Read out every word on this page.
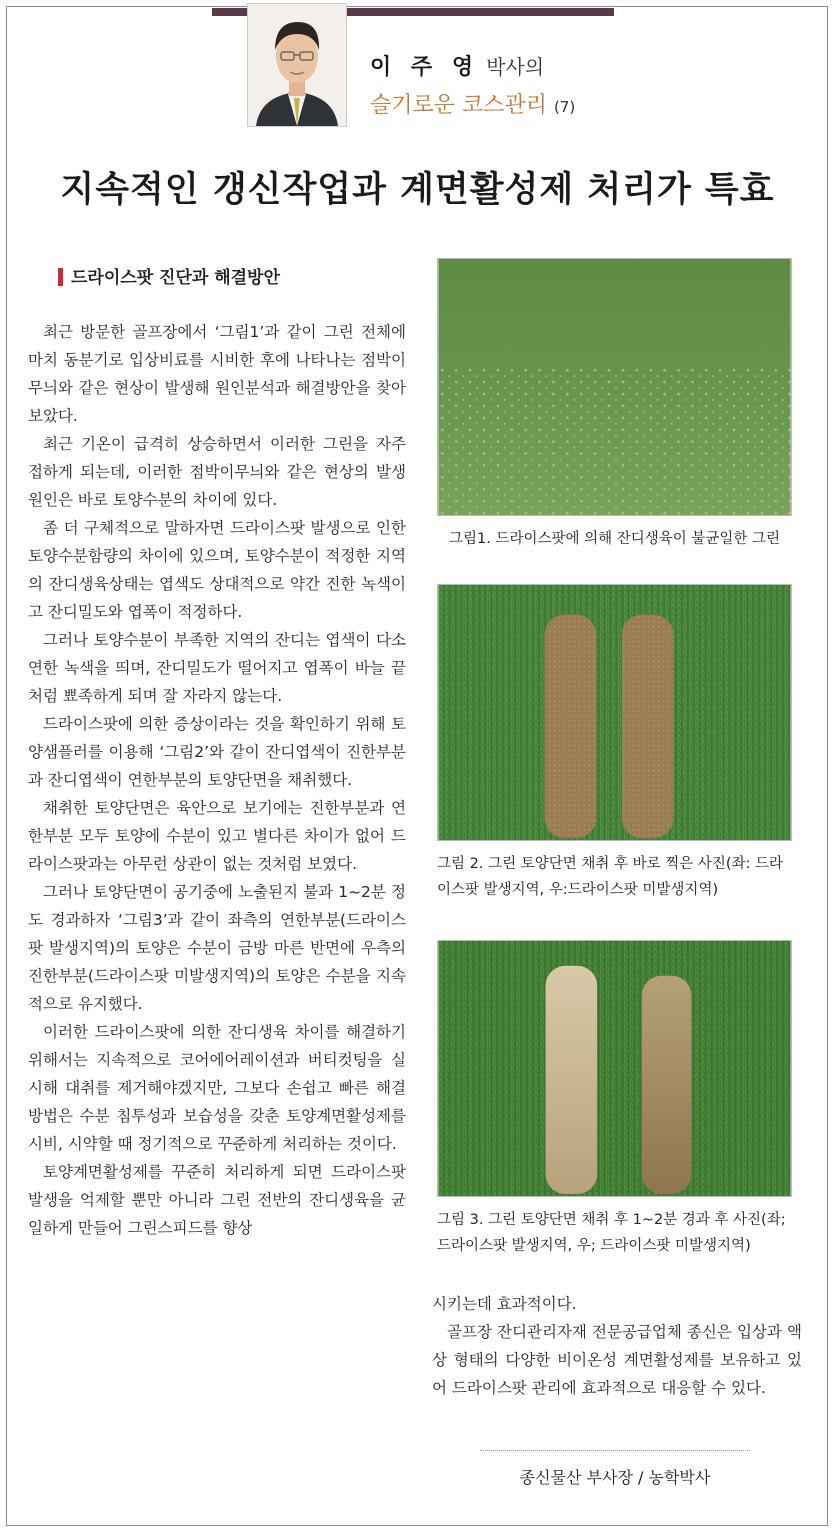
이 주 영 박사의
슬기로운 코스관리 (7)
지속적인 갱신작업과 계면활성제 처리가 특효
드라이스팟 진단과 해결방안

최근 방문한 골프장에서 ‘그림1’과 같이 그린 전체에 마치 동분기로 입상비료를 시비한 후에 나타나는 점박이무늬와 같은 현상이 발생해 원인분석과 해결방안을 찾아보았다.

최근 기온이 급격히 상승하면서 이러한 그린을 자주 접하게 되는데, 이러한 점박이무늬와 같은 현상의 발생원인은 바로 토양수분의 차이에 있다.

좀 더 구체적으로 말하자면 드라이스팟 발생으로 인한 토양수분함량의 차이에 있으며, 토양수분이 적정한 지역의 잔디생육상태는 엽색도 상대적으로 약간 진한 녹색이고 잔디밀도와 엽폭이 적정하다.

그러나 토양수분이 부족한 지역의 잔디는 엽색이 다소 연한 녹색을 띄며, 잔디밀도가 떨어지고 엽폭이 바늘 끝처럼 뾰족하게 되며 잘 자라지 않는다.

드라이스팟에 의한 증상이라는 것을 확인하기 위해 토양샘플러를 이용해 ‘그림2’와 같이 잔디엽색이 진한부분과 잔디엽색이 연한부분의 토양단면을 채취했다.

채취한 토양단면은 육안으로 보기에는 진한부분과 연한부분 모두 토양에 수분이 있고 별다른 차이가 없어 드라이스팟과는 아무런 상관이 없는 것처럼 보였다.

그러나 토양단면이 공기중에 노출된지 불과 1~2분 정도 경과하자 ‘그림3’과 같이 좌측의 연한부분(드라이스팟 발생지역)의 토양은 수분이 금방 마른 반면에 우측의 진한부분(드라이스팟 미발생지역)의 토양은 수분을 지속적으로 유지했다.

이러한 드라이스팟에 의한 잔디생육 차이를 해결하기 위해서는 지속적으로 코어에어레이션과 버티컷팅을 실시해 대취를 제거해야겠지만, 그보다 손쉽고 빠른 해결 방법은 수분 침투성과 보습성을 갖춘 토양계면활성제를 시비, 시약할 때 정기적으로 꾸준하게 처리하는 것이다.

토양계면활성제를 꾸준히 처리하게 되면 드라이스팟 발생을 억제할 뿐만 아니라 그린 전반의 잔디생육을 균일하게 만들어 그린스피드를 향상

그림1. 드라이스팟에 의해 잔디생육이 불균일한 그린
그림 2. 그린 토양단면 채취 후 바로 찍은 사진(좌: 드라이스팟 발생지역, 우:드라이스팟 미발생지역)
그림 3. 그린 토양단면 채취 후 1~2분 경과 후 사진(좌; 드라이스팟 발생지역, 우; 드라이스팟 미발생지역)

시키는데 효과적이다.

골프장 잔디관리자재 전문공급업체 종신은 입상과 액상 형태의 다양한 비이온성 계면활성제를 보유하고 있어 드라이스팟 관리에 효과적으로 대응할 수 있다.

종신물산 부사장 / 농학박사
